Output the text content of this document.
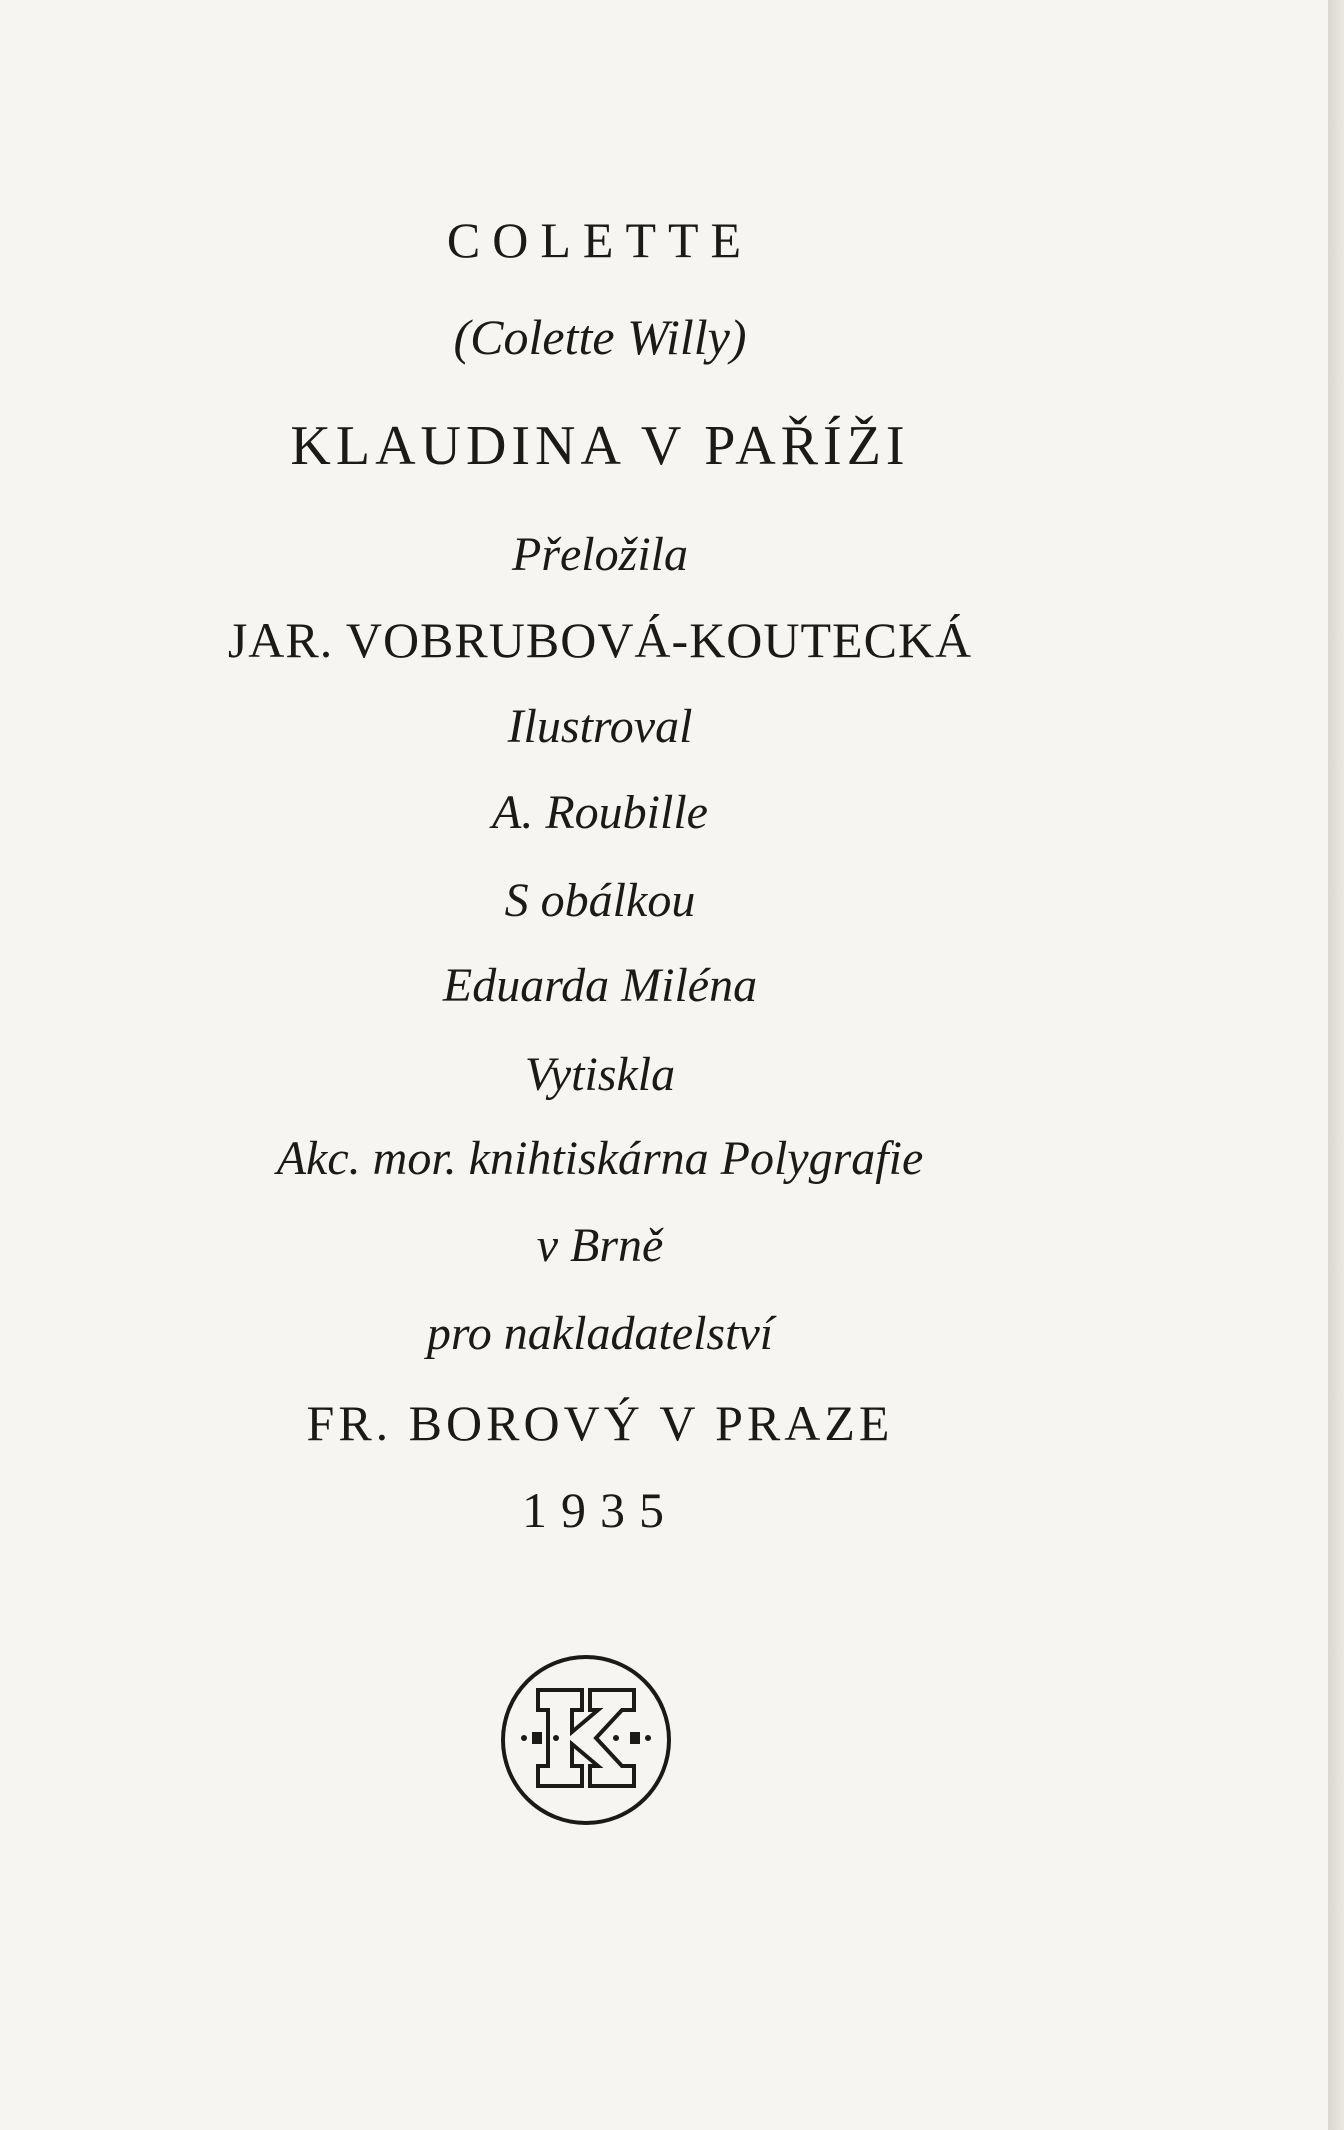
COLETTE
(Colette Willy)
KLAUDINA V PAŘÍŽI
Přeložila
JAR. VOBRUBOVÁ-KOUTECKÁ
Ilustroval
A. Roubille
S obálkou
Eduarda Miléna
Vytiskla
Akc. mor. knihtiskárna Polygrafie
v Brně
pro nakladatelství
FR. BOROVÝ V PRAZE
1935
